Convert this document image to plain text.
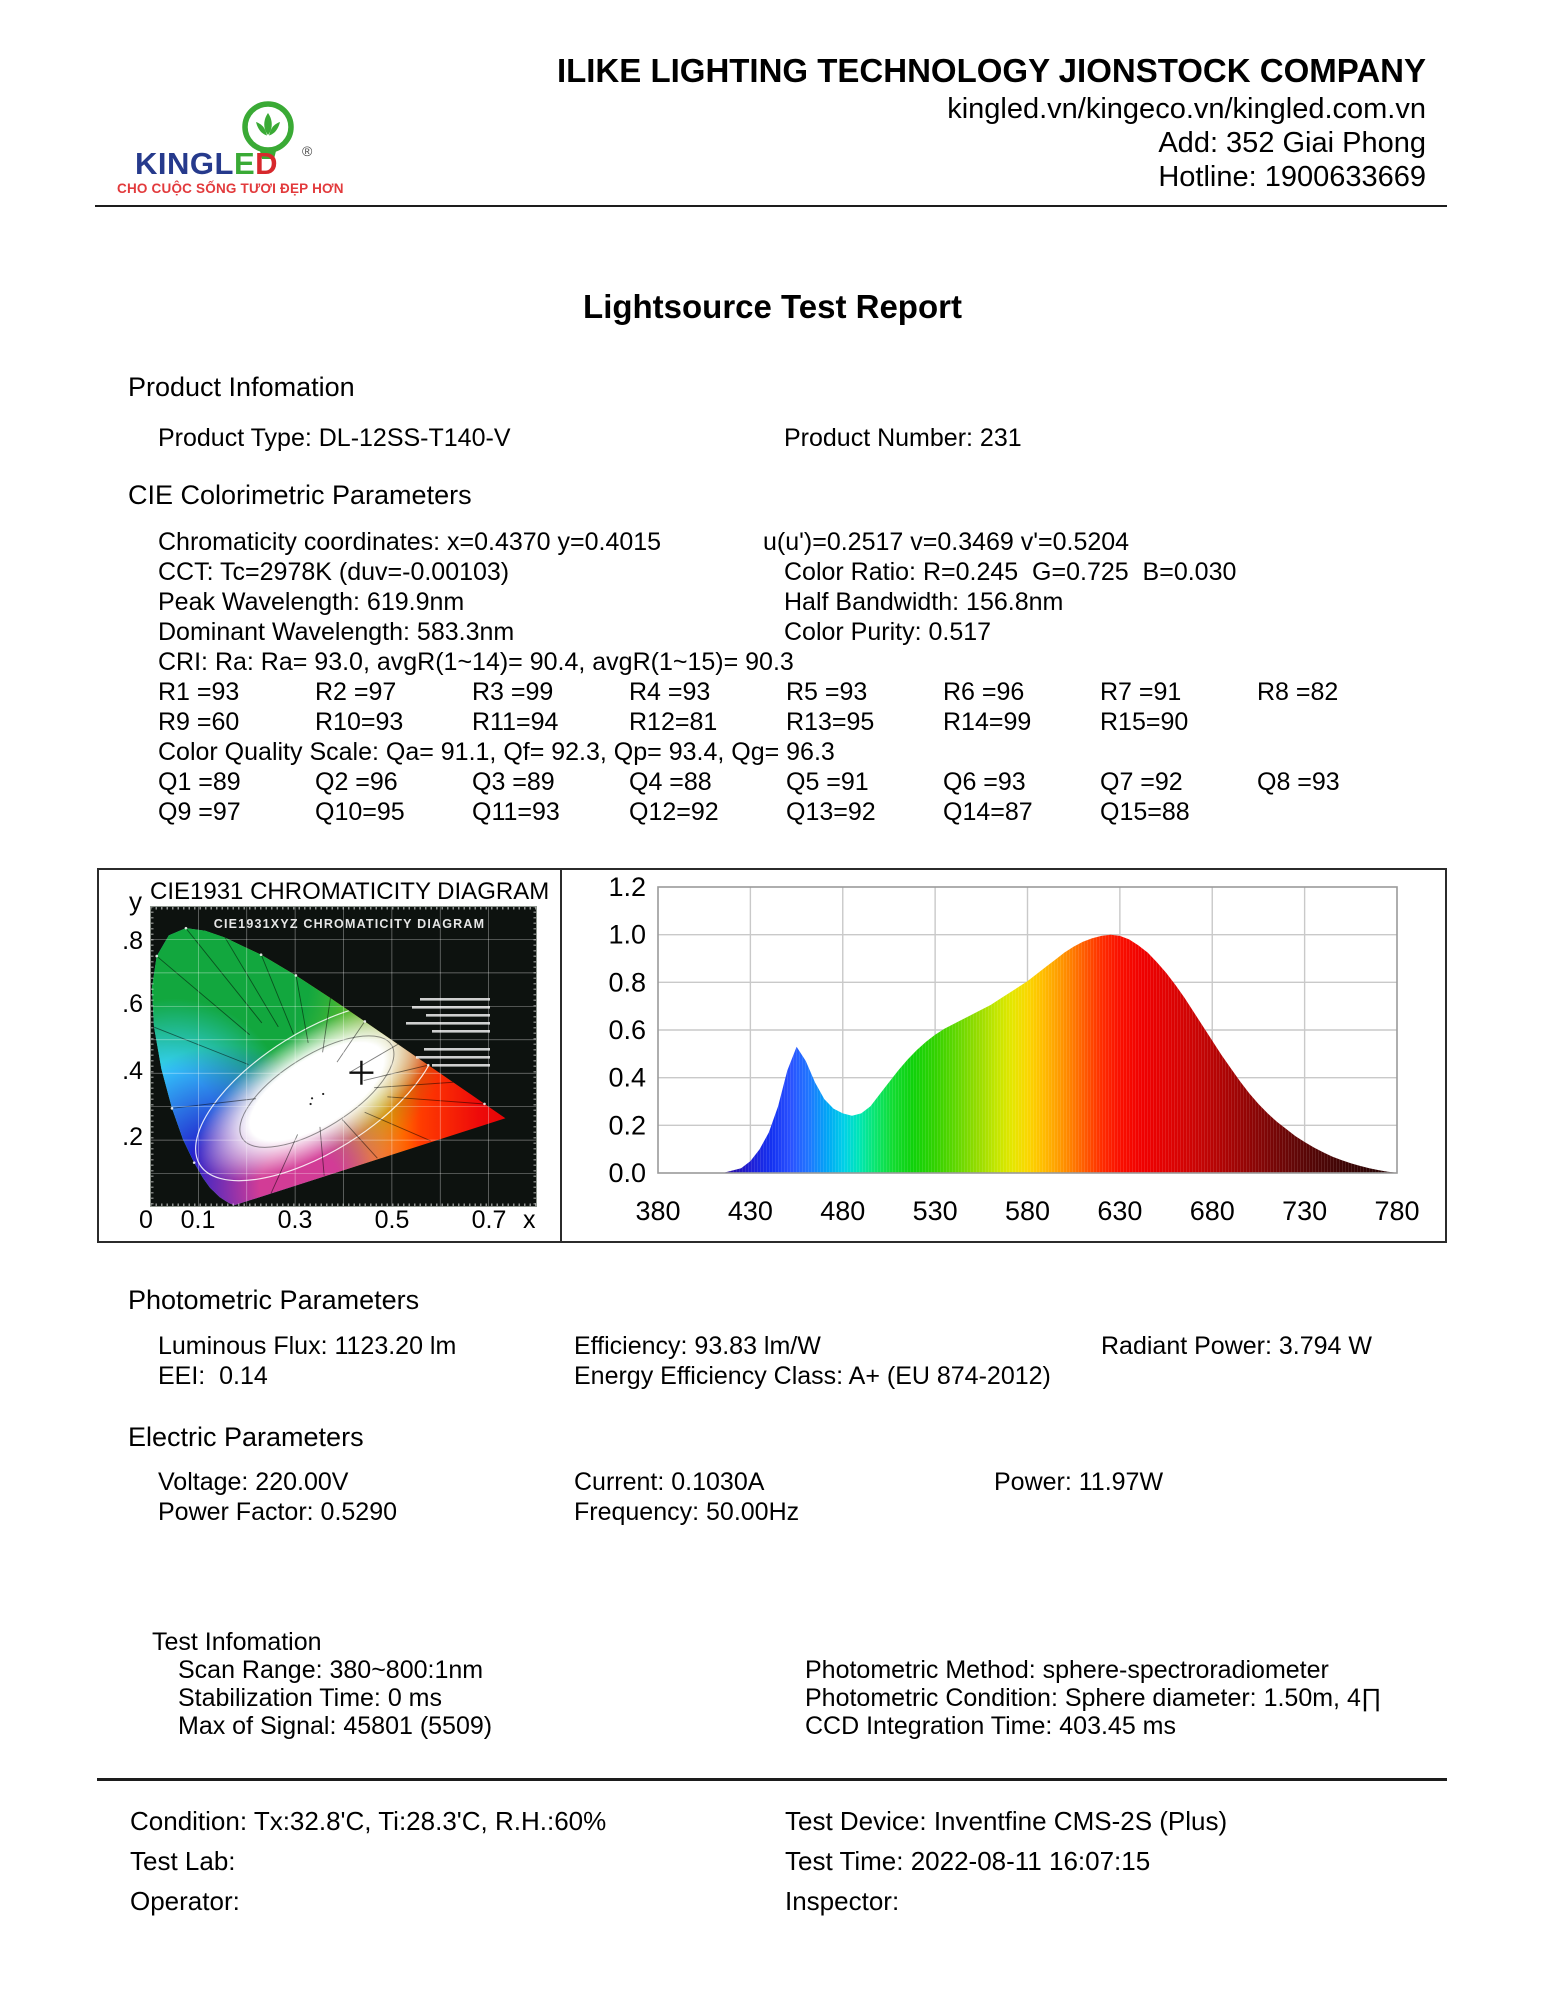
KINGLED ®
CHO CUỘC SỐNG TƯƠI ĐẸP HƠN
ILIKE LIGHTING TECHNOLOGY JIONSTOCK COMPANY
kingled.vn/kingeco.vn/kingled.com.vn
Add: 352 Giai Phong
Hotline: 1900633669
Lightsource Test Report
Product Infomation
Product Type: DL-12SS-T140-V	Product Number: 231
CIE Colorimetric Parameters
Chromaticity coordinates: x=0.4370 y=0.4015	u(u')=0.2517 v=0.3469 v'=0.5204
CCT: Tc=2978K (duv=-0.00103)	Color Ratio: R=0.245  G=0.725  B=0.030
Peak Wavelength: 619.9nm	Half Bandwidth: 156.8nm
Dominant Wavelength: 583.3nm	Color Purity: 0.517
CRI: Ra: Ra= 93.0, avgR(1~14)= 90.4, avgR(1~15)= 90.3
R1 =93	R2 =97	R3 =99	R4 =93	R5 =93	R6 =96	R7 =91	R8 =82
R9 =60	R10=93	R11=94	R12=81	R13=95	R14=99	R15=90
Color Quality Scale: Qa= 91.1, Qf= 92.3, Qp= 93.4, Qg= 96.3
Q1 =89	Q2 =96	Q3 =89	Q4 =88	Q5 =91	Q6 =93	Q7 =92	Q8 =93
Q9 =97	Q10=95	Q11=93	Q12=92	Q13=92	Q14=87	Q15=88
CIE1931 CHROMATICITY DIAGRAM
y
.8
.6
.4
.2
CIE1931XYZ CHROMATICITY DIAGRAM
0 0.1 0.3 0.5 0.7 x	380 430 480 530 580 630 680 730 780
0.0
0.2
0.4
0.6
0.8
1.0
1.2
Photometric Parameters
Luminous Flux: 1123.20 lm	Efficiency: 93.83 lm/W	Radiant Power: 3.794 W
EEI:  0.14	Energy Efficiency Class: A+ (EU 874-2012)
Electric Parameters
Voltage: 220.00V	Current: 0.1030A	Power: 11.97W
Power Factor: 0.5290	Frequency: 50.00Hz
Test Infomation
Scan Range: 380~800:1nm	Photometric Method: sphere-spectroradiometer
Stabilization Time: 0 ms	Photometric Condition: Sphere diameter: 1.50m, 4∏
Max of Signal: 45801 (5509)	CCD Integration Time: 403.45 ms
Condition: Tx:32.8'C, Ti:28.3'C, R.H.:60%	Test Device: Inventfine CMS-2S (Plus)
Test Lab:	Test Time: 2022-08-11 16:07:15
Operator:	Inspector:
